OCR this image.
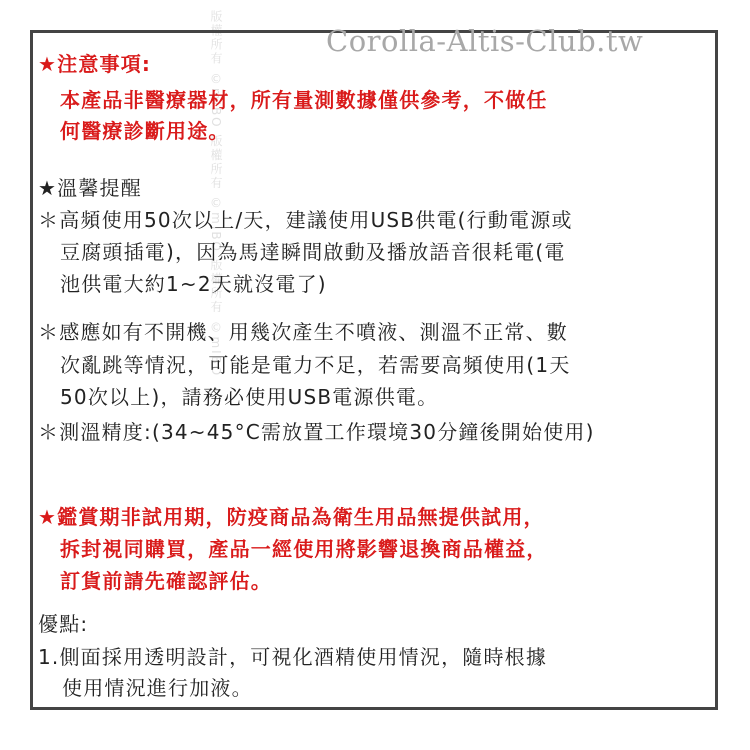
版權所有 ©mIBO 版權所有 ©mIBO 版權所有 ©mIBO	Corolla-Altis-Club.tw
★注意事項:
本產品非醫療器材，所有量測數據僅供參考，不做任
何醫療診斷用途。
★溫馨提醒
＊高頻使用50次以上/天，建議使用USB供電(行動電源或
豆腐頭插電)，因為馬達瞬間啟動及播放語音很耗電(電
池供電大約1~2天就沒電了)
＊感應如有不開機、用幾次產生不噴液、測溫不正常、數
次亂跳等情況，可能是電力不足，若需要高頻使用(1天
50次以上)，請務必使用USB電源供電。
＊測溫精度:(34~45°C需放置工作環境30分鐘後開始使用)
★鑑賞期非試用期，防疫商品為衛生用品無提供試用，
拆封視同購買，產品一經使用將影響退換商品權益，
訂貨前請先確認評估。
優點:
1.側面採用透明設計，可視化酒精使用情況，隨時根據
使用情況進行加液。
